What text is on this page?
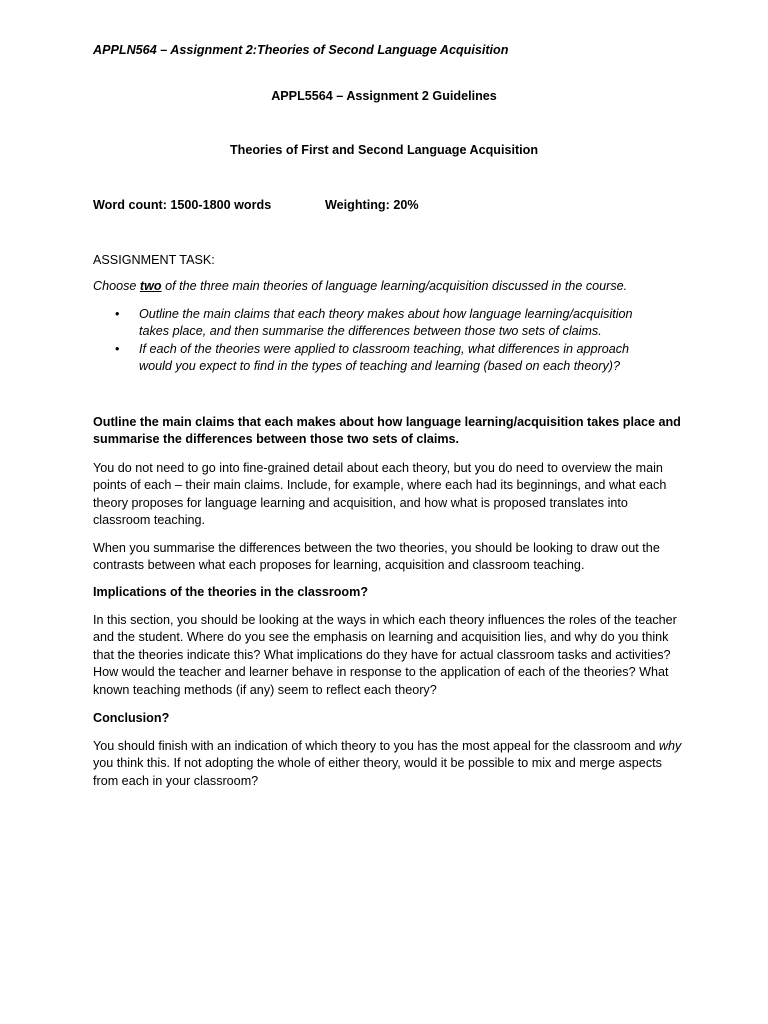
APPLN564 – Assignment 2:Theories of Second Language Acquisition

APPL5564 – Assignment 2 Guidelines

Theories of First and Second Language Acquisition

Word count: 1500-1800 words	Weighting: 20%

ASSIGNMENT TASK:

Choose two of the three main theories of language learning/acquisition discussed in the course.

• Outline the main claims that each theory makes about how language learning/acquisition takes place, and then summarise the differences between those two sets of claims.
• If each of the theories were applied to classroom teaching, what differences in approach would you expect to find in the types of teaching and learning (based on each theory)?

Outline the main claims that each makes about how language learning/acquisition takes place and summarise the differences between those two sets of claims.

You do not need to go into fine-grained detail about each theory, but you do need to overview the main points of each – their main claims. Include, for example, where each had its beginnings, and what each theory proposes for language learning and acquisition, and how what is proposed translates into classroom teaching.

When you summarise the differences between the two theories, you should be looking to draw out the contrasts between what each proposes for learning, acquisition and classroom teaching.

Implications of the theories in the classroom?

In this section, you should be looking at the ways in which each theory influences the roles of the teacher and the student. Where do you see the emphasis on learning and acquisition lies, and why do you think that the theories indicate this? What implications do they have for actual classroom tasks and activities? How would the teacher and learner behave in response to the application of each of the theories? What known teaching methods (if any) seem to reflect each theory?

Conclusion?

You should finish with an indication of which theory to you has the most appeal for the classroom and why you think this. If not adopting the whole of either theory, would it be possible to mix and merge aspects from each in your classroom?
